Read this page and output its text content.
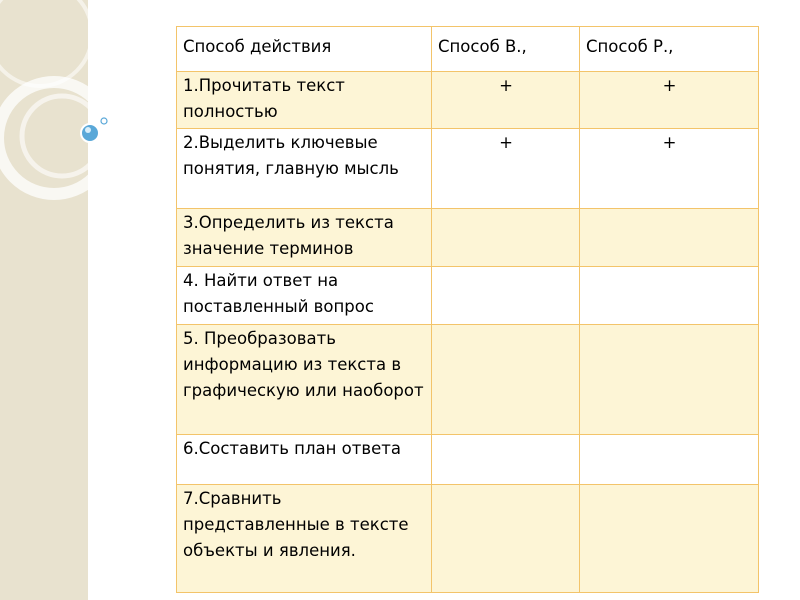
Способ действия	Способ В.,	Способ Р.,
1.Прочитать текст полностью	+	+
2.Выделить ключевые понятия, главную мысль	+	+
3.Определить из текста значение терминов		
4. Найти ответ на поставленный вопрос		
5. Преобразовать информацию из текста в графическую или наоборот		
6.Составить план ответа		
7.Сравнить представленные в тексте объекты и явления.		
